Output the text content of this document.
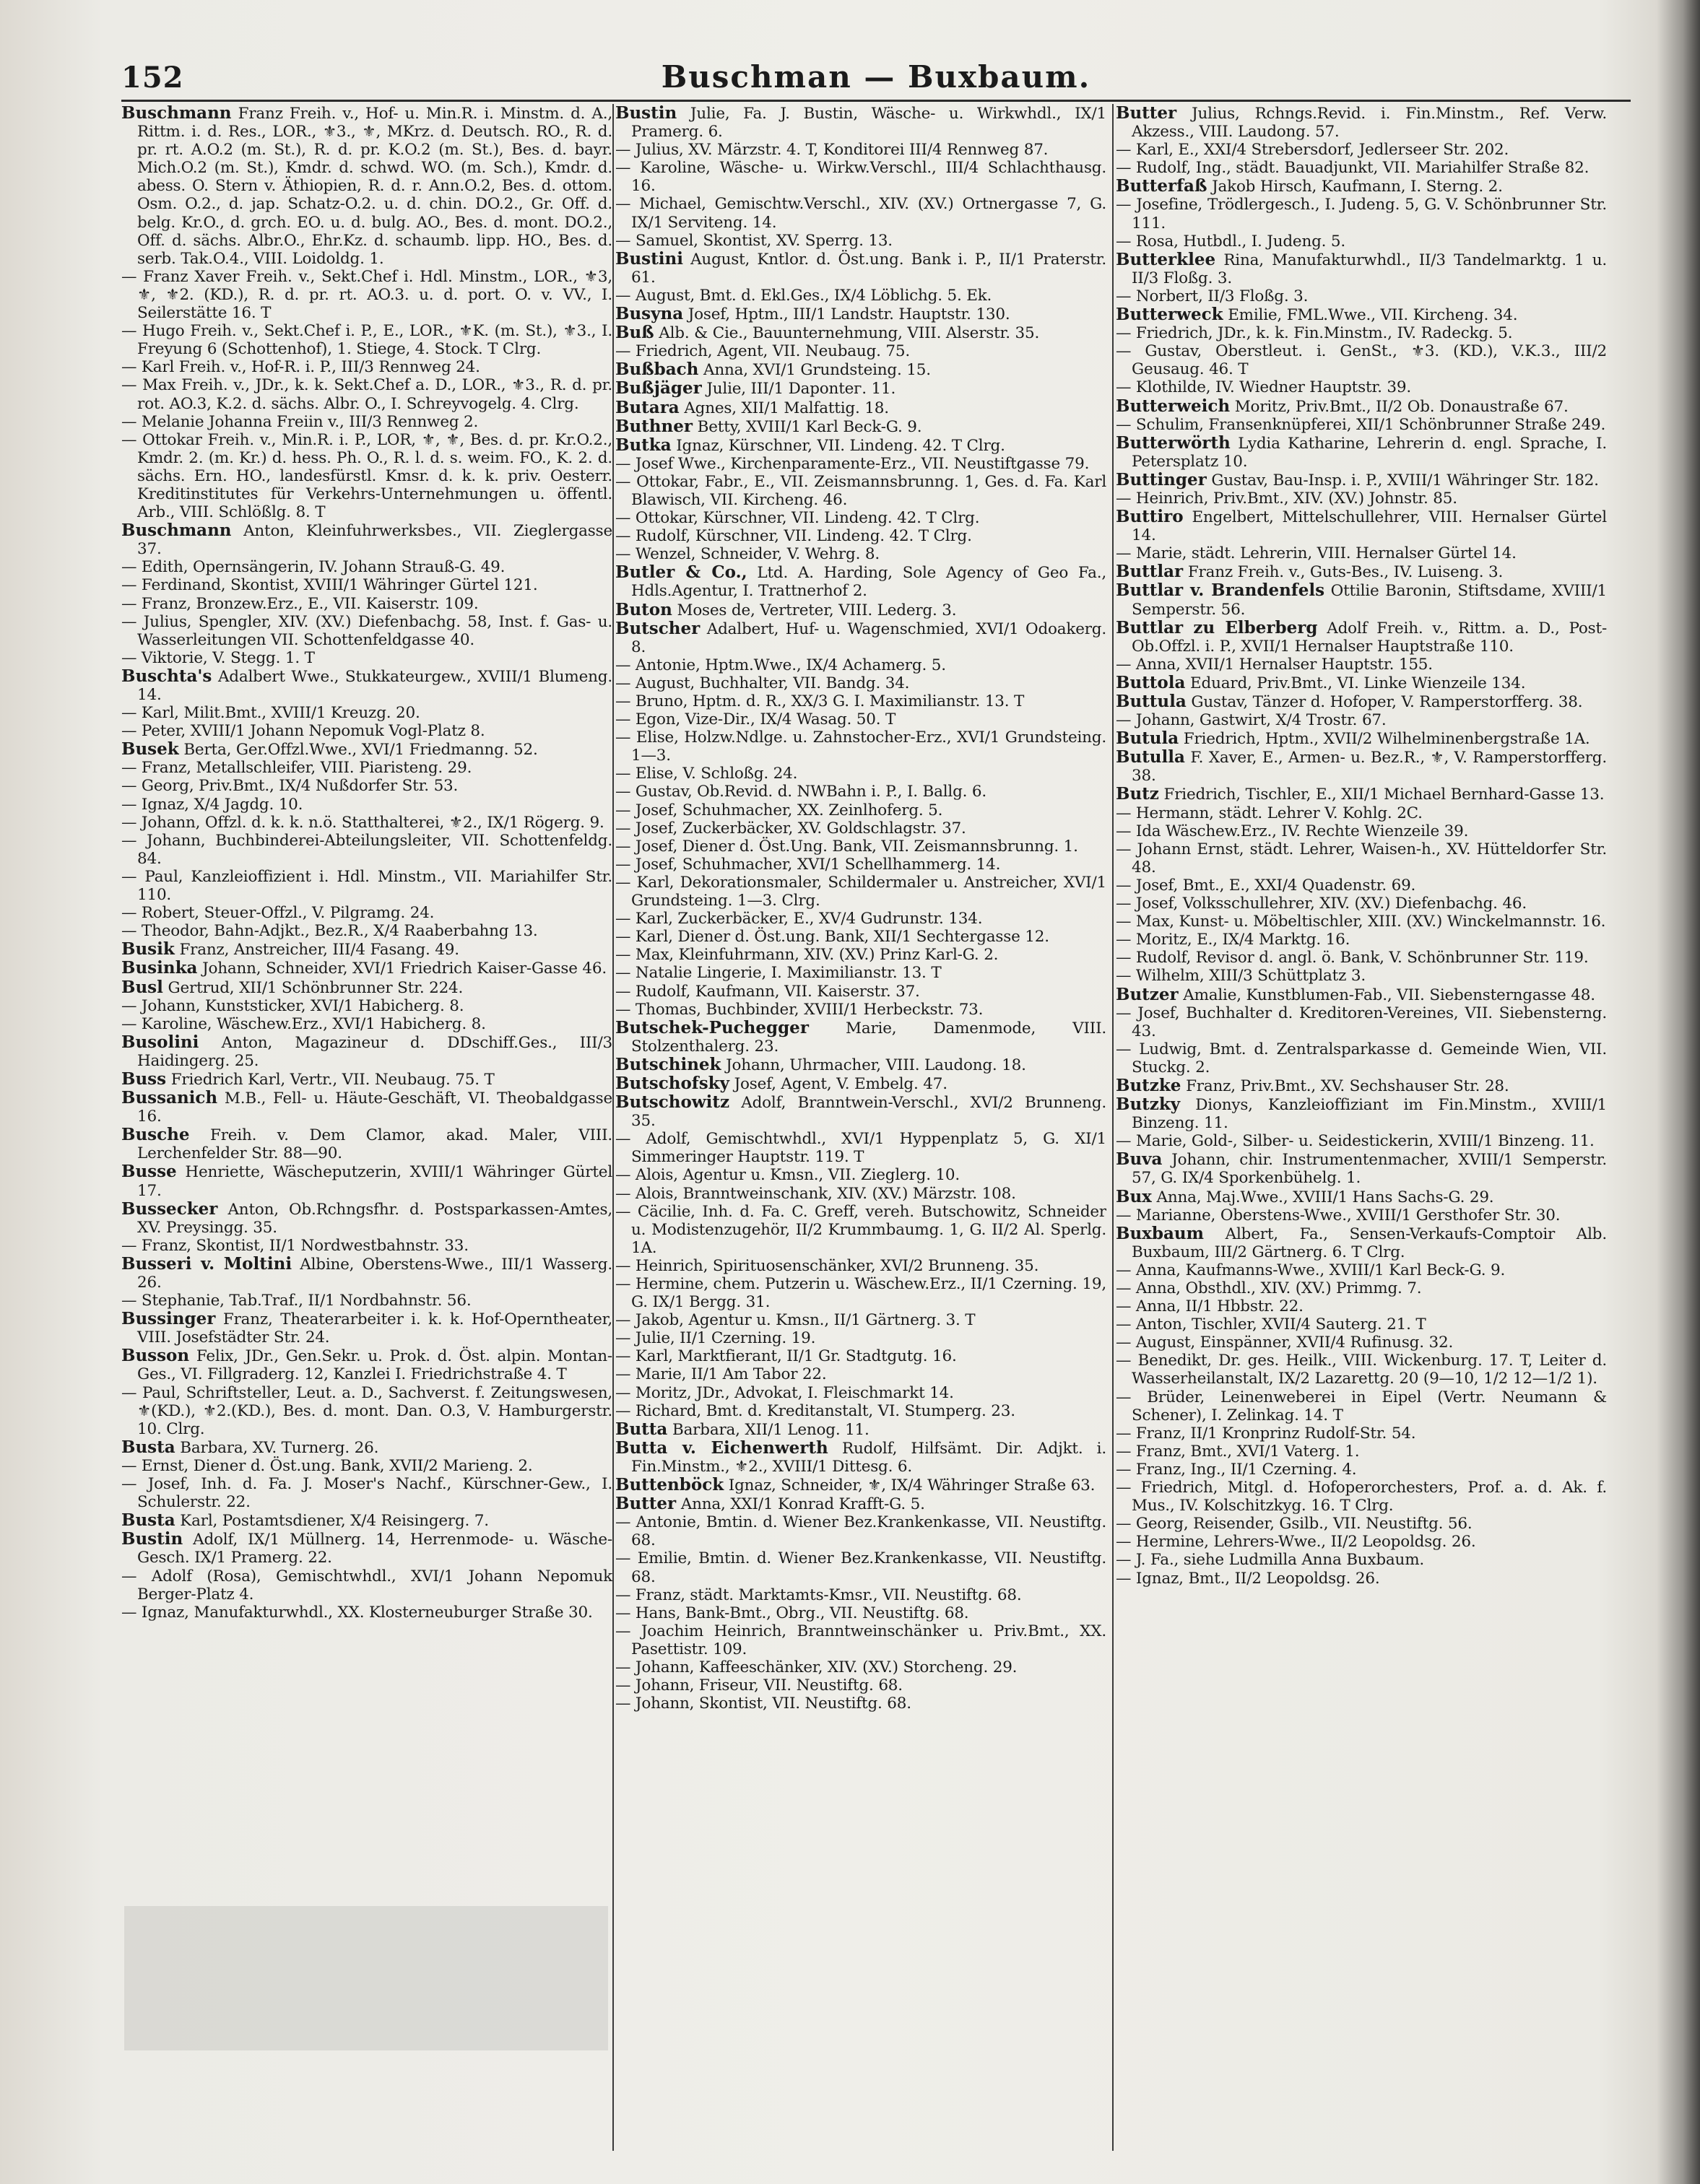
152	Buschman — Buxbaum.

Buschmann Franz Freih. v., Hof- u. Min.R. i. Minstm. d. A., Rittm. i. d. Res., LOR., ⚜3., ⚜, MKrz. d. Deutsch. RO., R. d. pr. rt. A.O.2 (m. St.), R. d. pr. K.O.2 (m. St.), Bes. d. bayr. Mich.O.2 (m. St.), Kmdr. d. schwd. WO. (m. Sch.), Kmdr. d. abess. O. Stern v. Äthiopien, R. d. r. Ann.O.2, Bes. d. ottom. Osm. O.2., d. jap. Schatz-O.2. u. d. chin. DO.2., Gr. Off. d. belg. Kr.O., d. grch. EO. u. d. bulg. AO., Bes. d. mont. DO.2., Off. d. sächs. Albr.O., Ehr.Kz. d. schaumb. lipp. HO., Bes. d. serb. Tak.O.4., VIII. Loidoldg. 1.

— Franz Xaver Freih. v., Sekt.Chef i. Hdl. Minstm., LOR., ⚜3, ⚜, ⚜2. (KD.), R. d. pr. rt. AO.3. u. d. port. O. v. VV., I. Seilerstätte 16. T

— Hugo Freih. v., Sekt.Chef i. P., E., LOR., ⚜K. (m. St.), ⚜3., I. Freyung 6 (Schottenhof), 1. Stiege, 4. Stock. T Clrg.

— Karl Freih. v., Hof-R. i. P., III/3 Rennweg 24.

— Max Freih. v., JDr., k. k. Sekt.Chef a. D., LOR., ⚜3., R. d. pr. rot. AO.3, K.2. d. sächs. Albr. O., I. Schreyvogelg. 4. Clrg.

— Melanie Johanna Freiin v., III/3 Rennweg 2.

— Ottokar Freih. v., Min.R. i. P., LOR, ⚜, ⚜, Bes. d. pr. Kr.O.2., Kmdr. 2. (m. Kr.) d. hess. Ph. O., R. l. d. s. weim. FO., K. 2. d. sächs. Ern. HO., landesfürstl. Kmsr. d. k. k. priv. Oesterr. Kreditinstitutes für Verkehrs-Unternehmungen u. öffentl. Arb., VIII. Schlößlg. 8. T

Buschmann Anton, Kleinfuhrwerksbes., VII. Zieglergasse 37.

— Edith, Opernsängerin, IV. Johann Strauß-G. 49.

— Ferdinand, Skontist, XVIII/1 Währinger Gürtel 121.

— Franz, Bronzew.Erz., E., VII. Kaiserstr. 109.

— Julius, Spengler, XIV. (XV.) Diefenbachg. 58, Inst. f. Gas- u. Wasserleitungen VII. Schottenfeldgasse 40.

— Viktorie, V. Stegg. 1. T

Buschta's Adalbert Wwe., Stukkateurgew., XVIII/1 Blumeng. 14.

— Karl, Milit.Bmt., XVIII/1 Kreuzg. 20.

— Peter, XVIII/1 Johann Nepomuk Vogl-Platz 8.

Busek Berta, Ger.Offzl.Wwe., XVI/1 Friedmanng. 52.

— Franz, Metallschleifer, VIII. Piaristeng. 29.

— Georg, Priv.Bmt., IX/4 Nußdorfer Str. 53.

— Ignaz, X/4 Jagdg. 10.

— Johann, Offzl. d. k. k. n.ö. Statthalterei, ⚜2., IX/1 Rögerg. 9.

— Johann, Buchbinderei-Abteilungsleiter, VII. Schottenfeldg. 84.

— Paul, Kanzleioffizient i. Hdl. Minstm., VII. Mariahilfer Str. 110.

— Robert, Steuer-Offzl., V. Pilgramg. 24.

— Theodor, Bahn-Adjkt., Bez.R., X/4 Raaberbahng 13.

Busik Franz, Anstreicher, III/4 Fasang. 49.

Businka Johann, Schneider, XVI/1 Friedrich Kaiser-Gasse 46.

Busl Gertrud, XII/1 Schönbrunner Str. 224.

— Johann, Kunststicker, XVI/1 Habicherg. 8.

— Karoline, Wäschew.Erz., XVI/1 Habicherg. 8.

Busolini Anton, Magazineur d. DDschiff.Ges., III/3 Haidingerg. 25.

Buss Friedrich Karl, Vertr., VII. Neubaug. 75. T

Bussanich M.B., Fell- u. Häute-Geschäft, VI. Theobaldgasse 16.

Busche Freih. v. Dem Clamor, akad. Maler, VIII. Lerchenfelder Str. 88—90.

Busse Henriette, Wäscheputzerin, XVIII/1 Währinger Gürtel 17.

Bussecker Anton, Ob.Rchngsfhr. d. Postsparkassen-Amtes, XV. Preysingg. 35.

— Franz, Skontist, II/1 Nordwestbahnstr. 33.

Busseri v. Moltini Albine, Oberstens-Wwe., III/1 Wasserg. 26.

— Stephanie, Tab.Traf., II/1 Nordbahnstr. 56.

Bussinger Franz, Theaterarbeiter i. k. k. Hof-Operntheater, VIII. Josefstädter Str. 24.

Busson Felix, JDr., Gen.Sekr. u. Prok. d. Öst. alpin. Montan-Ges., VI. Fillgraderg. 12, Kanzlei I. Friedrichstraße 4. T

— Paul, Schriftsteller, Leut. a. D., Sachverst. f. Zeitungswesen, ⚜(KD.), ⚜2.(KD.), Bes. d. mont. Dan. O.3, V. Hamburgerstr. 10. Clrg.

Busta Barbara, XV. Turnerg. 26.

— Ernst, Diener d. Öst.ung. Bank, XVII/2 Marieng. 2.

— Josef, Inh. d. Fa. J. Moser's Nachf., Kürschner-Gew., I. Schulerstr. 22.

Busta Karl, Postamtsdiener, X/4 Reisingerg. 7.

Bustin Adolf, IX/1 Müllnerg. 14, Herrenmode- u. Wäsche-Gesch. IX/1 Pramerg. 22.

— Adolf (Rosa), Gemischtwhdl., XVI/1 Johann Nepomuk Berger-Platz 4.

— Ignaz, Manufakturwhdl., XX. Klosterneuburger Straße 30.

Bustin Julie, Fa. J. Bustin, Wäsche- u. Wirkwhdl., IX/1 Pramerg. 6.

— Julius, XV. Märzstr. 4. T, Konditorei III/4 Rennweg 87.

— Karoline, Wäsche- u. Wirkw.Verschl., III/4 Schlachthausg. 16.

— Michael, Gemischtw.Verschl., XIV. (XV.) Ortnergasse 7, G. IX/1 Serviteng. 14.

— Samuel, Skontist, XV. Sperrg. 13.

Bustini August, Kntlor. d. Öst.ung. Bank i. P., II/1 Praterstr. 61.

— August, Bmt. d. Ekl.Ges., IX/4 Löblichg. 5. Ek.

Busyna Josef, Hptm., III/1 Landstr. Hauptstr. 130.

Buß Alb. & Cie., Bauunternehmung, VIII. Alserstr. 35.

— Friedrich, Agent, VII. Neubaug. 75.

Bußbach Anna, XVI/1 Grundsteing. 15.

Bußjäger Julie, III/1 Dapontег. 11.

Butara Agnes, XII/1 Malfattig. 18.

Buthner Betty, XVIII/1 Karl Beck-G. 9.

Butka Ignaz, Kürschner, VII. Lindeng. 42. T Clrg.

— Josef Wwe., Kirchenparamente-Erz., VII. Neustiftgasse 79.

— Ottokar, Fabr., E., VII. Zeismannsbrunng. 1, Ges. d. Fa. Karl Blawisch, VII. Kircheng. 46.

— Ottokar, Kürschner, VII. Lindeng. 42. T Clrg.

— Rudolf, Kürschner, VII. Lindeng. 42. T Clrg.

— Wenzel, Schneider, V. Wehrg. 8.

Butler & Co., Ltd. A. Harding, Sole Agency of Geo Fa., Hdls.Agentur, I. Trattnerhof 2.

Buton Moses de, Vertreter, VIII. Lederg. 3.

Butscher Adalbert, Huf- u. Wagenschmied, XVI/1 Odoakerg. 8.

— Antonie, Hptm.Wwe., IX/4 Achamerg. 5.

— August, Buchhalter, VII. Bandg. 34.

— Bruno, Hptm. d. R., XX/3 G. I. Maximilianstr. 13. T

— Egon, Vize-Dir., IX/4 Wasag. 50. T

— Elise, Holzw.Ndlge. u. Zahnstocher-Erz., XVI/1 Grundsteing. 1—3.

— Elise, V. Schloßg. 24.

— Gustav, Ob.Revid. d. NWBahn i. P., I. Ballg. 6.

— Josef, Schuhmacher, XX. Zeinlhoferg. 5.

— Josef, Zuckerbäcker, XV. Goldschlagstr. 37.

— Josef, Diener d. Öst.Ung. Bank, VII. Zeismannsbrunng. 1.

— Josef, Schuhmacher, XVI/1 Schellhammerg. 14.

— Karl, Dekorationsmaler, Schildermaler u. Anstreicher, XVI/1 Grundsteing. 1—3. Clrg.

— Karl, Zuckerbäcker, E., XV/4 Gudrunstr. 134.

— Karl, Diener d. Öst.ung. Bank, XII/1 Sechtergasse 12.

— Max, Kleinfuhrmann, XIV. (XV.) Prinz Karl-G. 2.

— Natalie Lingerie, I. Maximilianstr. 13. T

— Rudolf, Kaufmann, VII. Kaiserstr. 37.

— Thomas, Buchbinder, XVIII/1 Herbeckstr. 73.

Butschek-Puchegger Marie, Damenmode, VIII. Stolzenthalerg. 23.

Butschinek Johann, Uhrmacher, VIII. Laudong. 18.

Butschofsky Josef, Agent, V. Embelg. 47.

Butschowitz Adolf, Branntwein-Verschl., XVI/2 Brunneng. 35.

— Adolf, Gemischtwhdl., XVI/1 Hyppenplatz 5, G. XI/1 Simmeringer Hauptstr. 119. T

— Alois, Agentur u. Kmsn., VII. Zieglerg. 10.

— Alois, Branntweinschank, XIV. (XV.) Märzstr. 108.

— Cäcilie, Inh. d. Fa. C. Greff, vereh. Butschowitz, Schneider u. Modistenzugehör, II/2 Krummbaumg. 1, G. II/2 Al. Sperlg. 1A.

— Heinrich, Spirituosenschänker, XVI/2 Brunneng. 35.

— Hermine, chem. Putzerin u. Wäschew.Erz., II/1 Czerning. 19, G. IX/1 Bergg. 31.

— Jakob, Agentur u. Kmsn., II/1 Gärtnerg. 3. T

— Julie, II/1 Czerning. 19.

— Karl, Marktfierant, II/1 Gr. Stadtgutg. 16.

— Marie, II/1 Am Tabor 22.

— Moritz, JDr., Advokat, I. Fleischmarkt 14.

— Richard, Bmt. d. Kreditanstalt, VI. Stumperg. 23.

Butta Barbara, XII/1 Lenog. 11.

Butta v. Eichenwerth Rudolf, Hilfsämt. Dir. Adjkt. i. Fin.Minstm., ⚜2., XVIII/1 Dittesg. 6.

Buttenböck Ignaz, Schneider, ⚜, IX/4 Währinger Straße 63.

Butter Anna, XXI/1 Konrad Krafft-G. 5.

— Antonie, Bmtin. d. Wiener Bez.Krankenkasse, VII. Neustiftg. 68.

— Emilie, Bmtin. d. Wiener Bez.Krankenkasse, VII. Neustiftg. 68.

— Franz, städt. Marktamts-Kmsr., VII. Neustiftg. 68.

— Hans, Bank-Bmt., Obrg., VII. Neustiftg. 68.

— Joachim Heinrich, Branntweinschänker u. Priv.Bmt., XX. Pasettistr. 109.

— Johann, Kaffeeschänker, XIV. (XV.) Storcheng. 29.

— Johann, Friseur, VII. Neustiftg. 68.

— Johann, Skontist, VII. Neustiftg. 68.

Butter Julius, Rchngs.Revid. i. Fin.Minstm., Ref. Verw. Akzess., VIII. Laudong. 57.

— Karl, E., XXI/4 Strebersdorf, Jedlerseer Str. 202.

— Rudolf, Ing., städt. Bauadjunkt, VII. Mariahilfer Straße 82.

Butterfaß Jakob Hirsch, Kaufmann, I. Sterng. 2.

— Josefine, Trödlergesch., I. Judeng. 5, G. V. Schönbrunner Str. 111.

— Rosa, Hutbdl., I. Judeng. 5.

Butterklee Rina, Manufakturwhdl., II/3 Tandelmarktg. 1 u. II/3 Floßg. 3.

— Norbert, II/3 Floßg. 3.

Butterweck Emilie, FML.Wwe., VII. Kircheng. 34.

— Friedrich, JDr., k. k. Fin.Minstm., IV. Radeckg. 5.

— Gustav, Oberstleut. i. GenSt., ⚜3. (KD.), V.K.3., III/2 Geusaug. 46. T

— Klothilde, IV. Wiedner Hauptstr. 39.

Butterweich Moritz, Priv.Bmt., II/2 Ob. Donaustraße 67.

— Schulim, Fransenknüpferei, XII/1 Schönbrunner Straße 249.

Butterwörth Lydia Katharine, Lehrerin d. engl. Sprache, I. Petersplatz 10.

Buttinger Gustav, Bau-Insp. i. P., XVIII/1 Währinger Str. 182.

— Heinrich, Priv.Bmt., XIV. (XV.) Johnstr. 85.

Buttiro Engelbert, Mittelschullehrer, VIII. Hernalser Gürtel 14.

— Marie, städt. Lehrerin, VIII. Hernalser Gürtel 14.

Buttlar Franz Freih. v., Guts-Bes., IV. Luiseng. 3.

Buttlar v. Brandenfels Ottilie Baronin, Stiftsdame, XVIII/1 Semperstr. 56.

Buttlar zu Elberberg Adolf Freih. v., Rittm. a. D., Post-Ob.Offzl. i. P., XVII/1 Hernalser Hauptstraße 110.

— Anna, XVII/1 Hernalser Hauptstr. 155.

Buttola Eduard, Priv.Bmt., VI. Linke Wienzeile 134.

Buttula Gustav, Tänzer d. Hofoper, V. Ramperstorfferg. 38.

— Johann, Gastwirt, X/4 Trostr. 67.

Butula Friedrich, Hptm., XVII/2 Wilhelminenbergstraße 1A.

Butulla F. Xaver, E., Armen- u. Bez.R., ⚜, V. Ramperstorfferg. 38.

Butz Friedrich, Tischler, E., XII/1 Michael Bernhard-Gasse 13.

— Hermann, städt. Lehrer V. Kohlg. 2C.

— Ida Wäschew.Erz., IV. Rechte Wienzeile 39.

— Johann Ernst, städt. Lehrer, Waisen-h., XV. Hütteldorfer Str. 48.

— Josef, Bmt., E., XXI/4 Quadenstr. 69.

— Josef, Volksschullehrer, XIV. (XV.) Diefenbachg. 46.

— Max, Kunst- u. Möbeltischler, XIII. (XV.) Winckelmannstr. 16.

— Moritz, E., IX/4 Marktg. 16.

— Rudolf, Revisor d. angl. ö. Bank, V. Schönbrunner Str. 119.

— Wilhelm, XIII/3 Schüttplatz 3.

Butzer Amalie, Kunstblumen-Fab., VII. Siebensterngasse 48.

— Josef, Buchhalter d. Kreditoren-Vereines, VII. Siebensterng. 43.

— Ludwig, Bmt. d. Zentralsparkasse d. Gemeinde Wien, VII. Stuckg. 2.

Butzke Franz, Priv.Bmt., XV. Sechshauser Str. 28.

Butzky Dionys, Kanzleioffiziant im Fin.Minstm., XVIII/1 Binzeng. 11.

— Marie, Gold-, Silber- u. Seidestickerin, XVIII/1 Binzeng. 11.

Buva Johann, chir. Instrumentenmacher, XVIII/1 Semperstr. 57, G. IX/4 Sporkenbühelg. 1.

Bux Anna, Maj.Wwe., XVIII/1 Hans Sachs-G. 29.

— Marianne, Oberstens-Wwe., XVIII/1 Gersthofer Str. 30.

Buxbaum Albert, Fa., Sensen-Verkaufs-Comptoir Alb. Buxbaum, III/2 Gärtnerg. 6. T Clrg.

— Anna, Kaufmanns-Wwe., XVIII/1 Karl Beck-G. 9.

— Anna, Obsthdl., XIV. (XV.) Primmg. 7.

— Anna, II/1 Hbbstr. 22.

— Anton, Tischler, XVII/4 Sauterg. 21. T

— August, Einspänner, XVII/4 Rufinusg. 32.

— Benedikt, Dr. ges. Heilk., VIII. Wickenburg. 17. T, Leiter d. Wasserheilanstalt, IX/2 Lazarettg. 20 (9—10, 1/2 12—1/2 1).

— Brüder, Leinenweberei in Eipel (Vertr. Neumann & Schener), I. Zelinkag. 14. T

— Franz, II/1 Kronprinz Rudolf-Str. 54.

— Franz, Bmt., XVI/1 Vaterg. 1.

— Franz, Ing., II/1 Czerning. 4.

— Friedrich, Mitgl. d. Hofoperorchesters, Prof. a. d. Ak. f. Mus., IV. Kolschitzkyg. 16. T Clrg.

— Georg, Reisender, Gsilb., VII. Neustiftg. 56.

— Hermine, Lehrers-Wwe., II/2 Leopoldsg. 26.

— J. Fa., siehe Ludmilla Anna Buxbaum.

— Ignaz, Bmt., II/2 Leopoldsg. 26.
